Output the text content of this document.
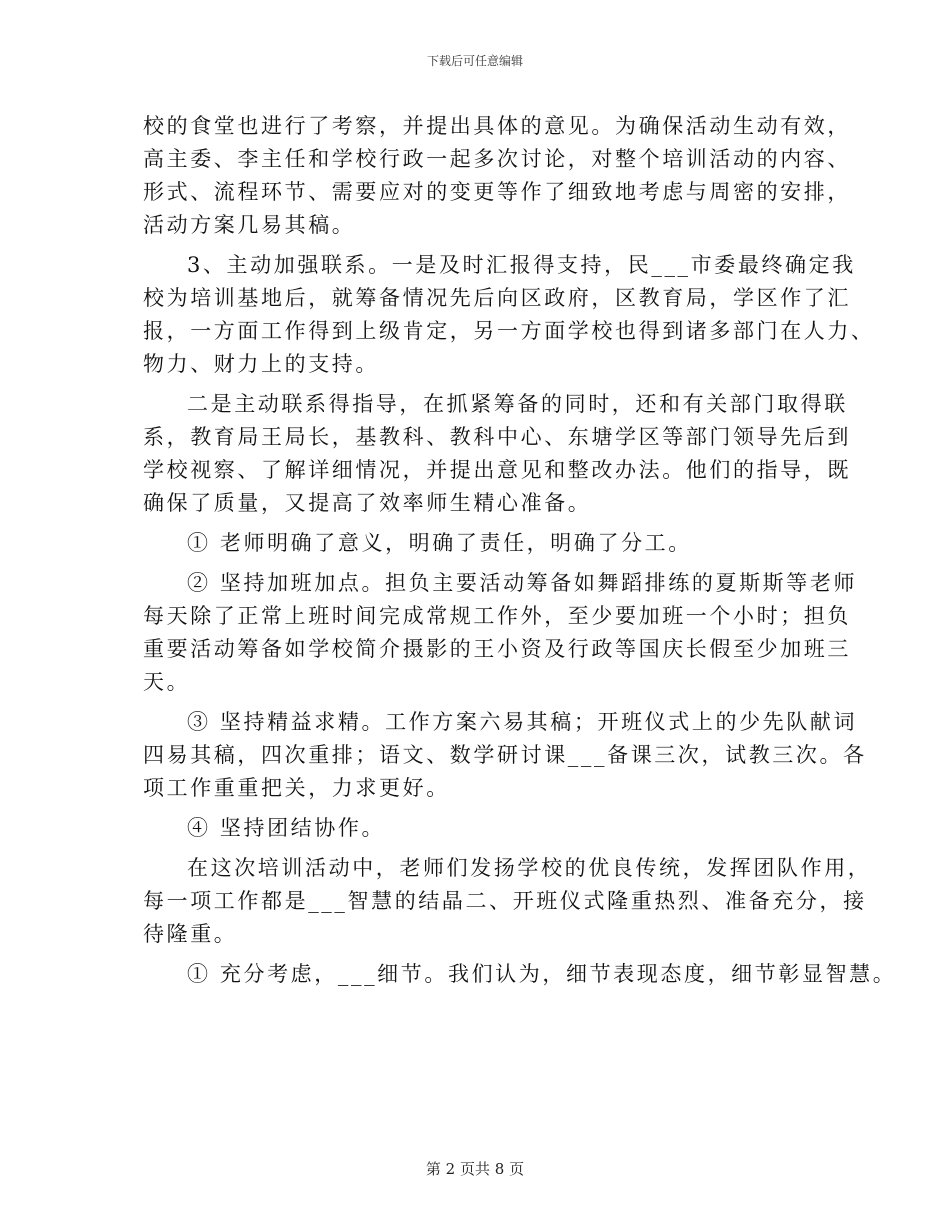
下载后可任意编辑
校的食堂也进行了考察，并提出具体的意见。为确保活动生动有效，
高主委、李主任和学校行政一起多次讨论，对整个培训活动的内容、
形式、流程环节、需要应对的变更等作了细致地考虑与周密的安排，
活动方案几易其稿。
3、主动加强联系。一是及时汇报得支持，民___市委最终确定我
校为培训基地后，就筹备情况先后向区政府，区教育局，学区作了汇
报，一方面工作得到上级肯定，另一方面学校也得到诸多部门在人力、
物力、财力上的支持。
二是主动联系得指导，在抓紧筹备的同时，还和有关部门取得联
系，教育局王局长，基教科、教科中心、东塘学区等部门领导先后到
学校视察、了解详细情况，并提出意见和整改办法。他们的指导，既
确保了质量，又提高了效率师生精心准备。
① 老师明确了意义，明确了责任，明确了分工。
② 坚持加班加点。担负主要活动筹备如舞蹈排练的夏斯斯等老师
每天除了正常上班时间完成常规工作外，至少要加班一个小时；担负
重要活动筹备如学校简介摄影的王小资及行政等国庆长假至少加班三
天。
③ 坚持精益求精。工作方案六易其稿；开班仪式上的少先队献词
四易其稿，四次重排；语文、数学研讨课___备课三次，试教三次。各
项工作重重把关，力求更好。
④ 坚持团结协作。
在这次培训活动中，老师们发扬学校的优良传统，发挥团队作用，
每一项工作都是___智慧的结晶二、开班仪式隆重热烈、准备充分，接
待隆重。
① 充分考虑，___细节。我们认为，细节表现态度，细节彰显智慧。
第 2 页共 8 页
